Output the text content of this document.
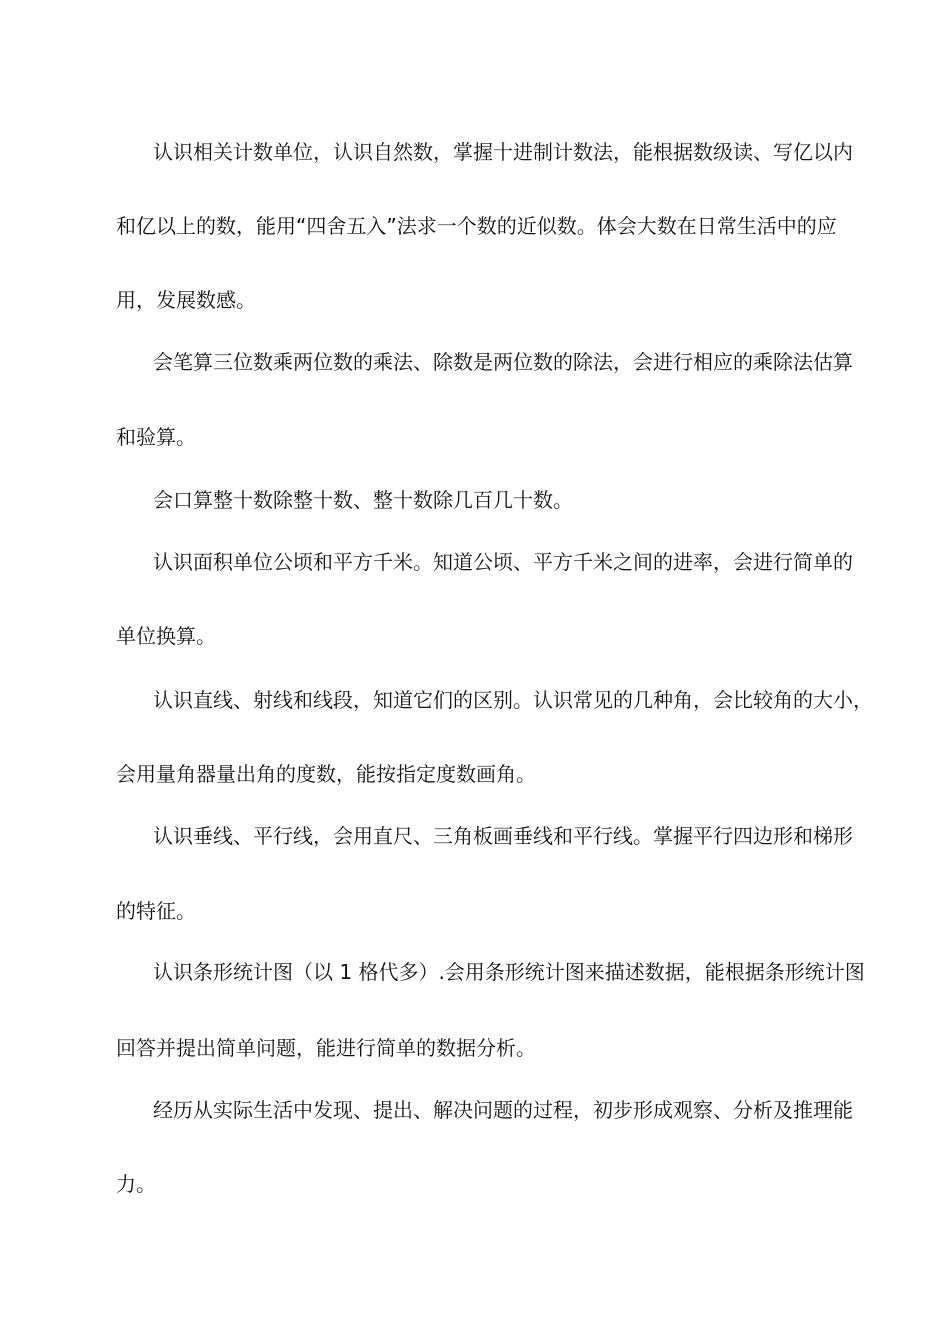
认识相关计数单位，认识自然数，掌握十进制计数法，能根据数级读、写亿以内
和亿以上的数，能用“四舍五入”法求一个数的近似数。体会大数在日常生活中的应
用，发展数感。
会笔算三位数乘两位数的乘法、除数是两位数的除法，会进行相应的乘除法估算
和验算。
会口算整十数除整十数、整十数除几百几十数。
认识面积单位公顷和平方千米。知道公顷、平方千米之间的进率，会进行简单的
单位换算。
认识直线、射线和线段，知道它们的区别。认识常见的几种角，会比较角的大小，
会用量角器量出角的度数，能按指定度数画角。
认识垂线、平行线，会用直尺、三角板画垂线和平行线。掌握平行四边形和梯形
的特征。
认识条形统计图（以 1 格代多）.会用条形统计图来描述数据，能根据条形统计图
回答并提出简单问题，能进行简单的数据分析。
经历从实际生活中发现、提出、解决问题的过程，初步形成观察、分析及推理能
力。
